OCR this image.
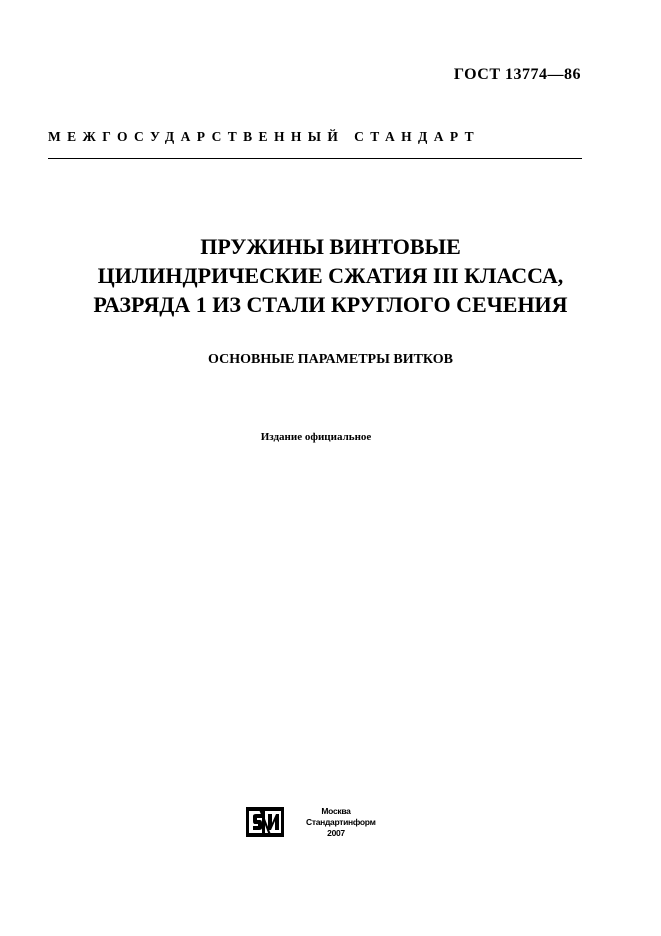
ГОСТ 13774—86
МЕЖГОСУДАРСТВЕННЫЙ СТАНДАРТ
ПРУЖИНЫ ВИНТОВЫЕ
ЦИЛИНДРИЧЕСКИЕ СЖАТИЯ III КЛАССА,
РАЗРЯДА 1 ИЗ СТАЛИ КРУГЛОГО СЕЧЕНИЯ
ОСНОВНЫЕ ПАРАМЕТРЫ ВИТКОВ
Издание официальное
Москва
Стандартинформ
2007
